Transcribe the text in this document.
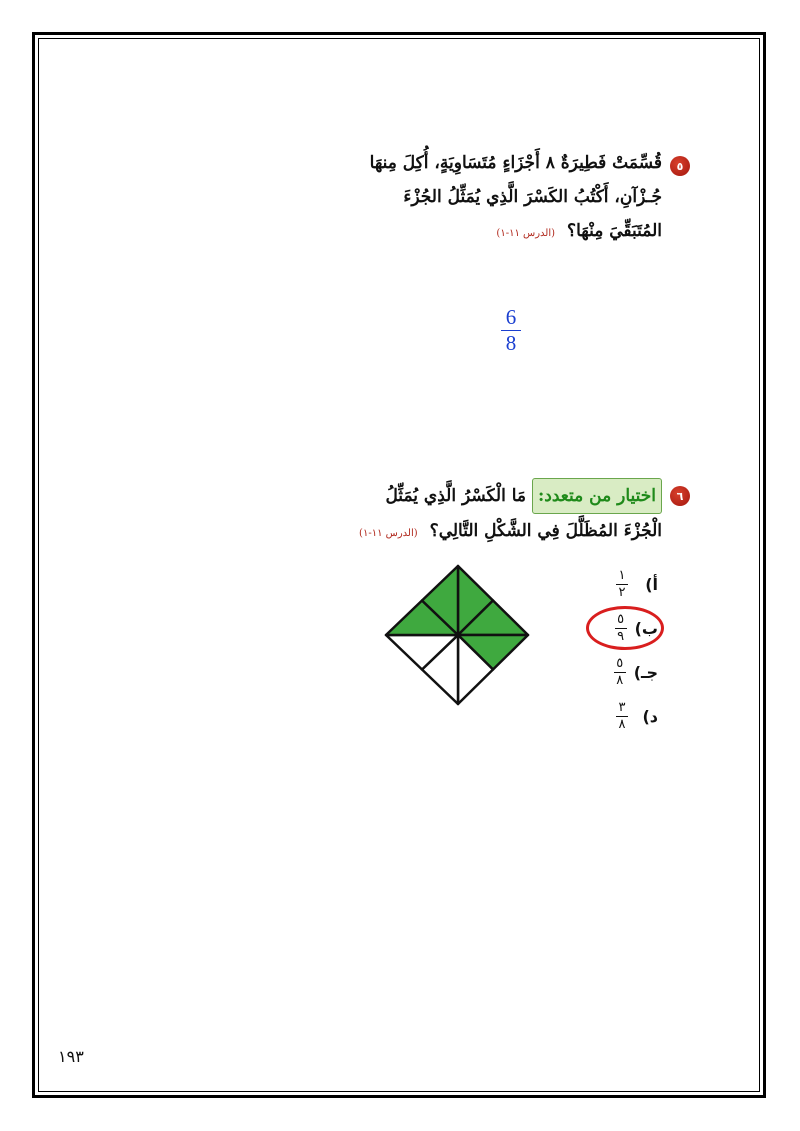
٥
قُسِّمَتْ فَطِيرَةٌ ٨ أَجْزَاءٍ مُتَسَاوِيَةٍ، أُكِلَ مِنهَا
جُـزْآنِ، أَكْتُبُ الكَسْرَ الَّذِي يُمَثِّلُ الجُزْءَ
المُتَبَقِّيَ مِنْهَا؟(الدرس ١١-١)
6
8
٦
اختيار من متعدد:مَا الْكَسْرُ الَّذِي يُمَثِّلُ
الْجُزْءَ المُظَلَّلَ فِي الشَّكْلِ التَّالِي؟(الدرس ١١-١)
أ)
$\frac{١}{٢}$
ب)
$\frac{٥}{٩}$
جـ)
$\frac{٥}{٨}$
د)
$\frac{٣}{٨}$
١٩٣
